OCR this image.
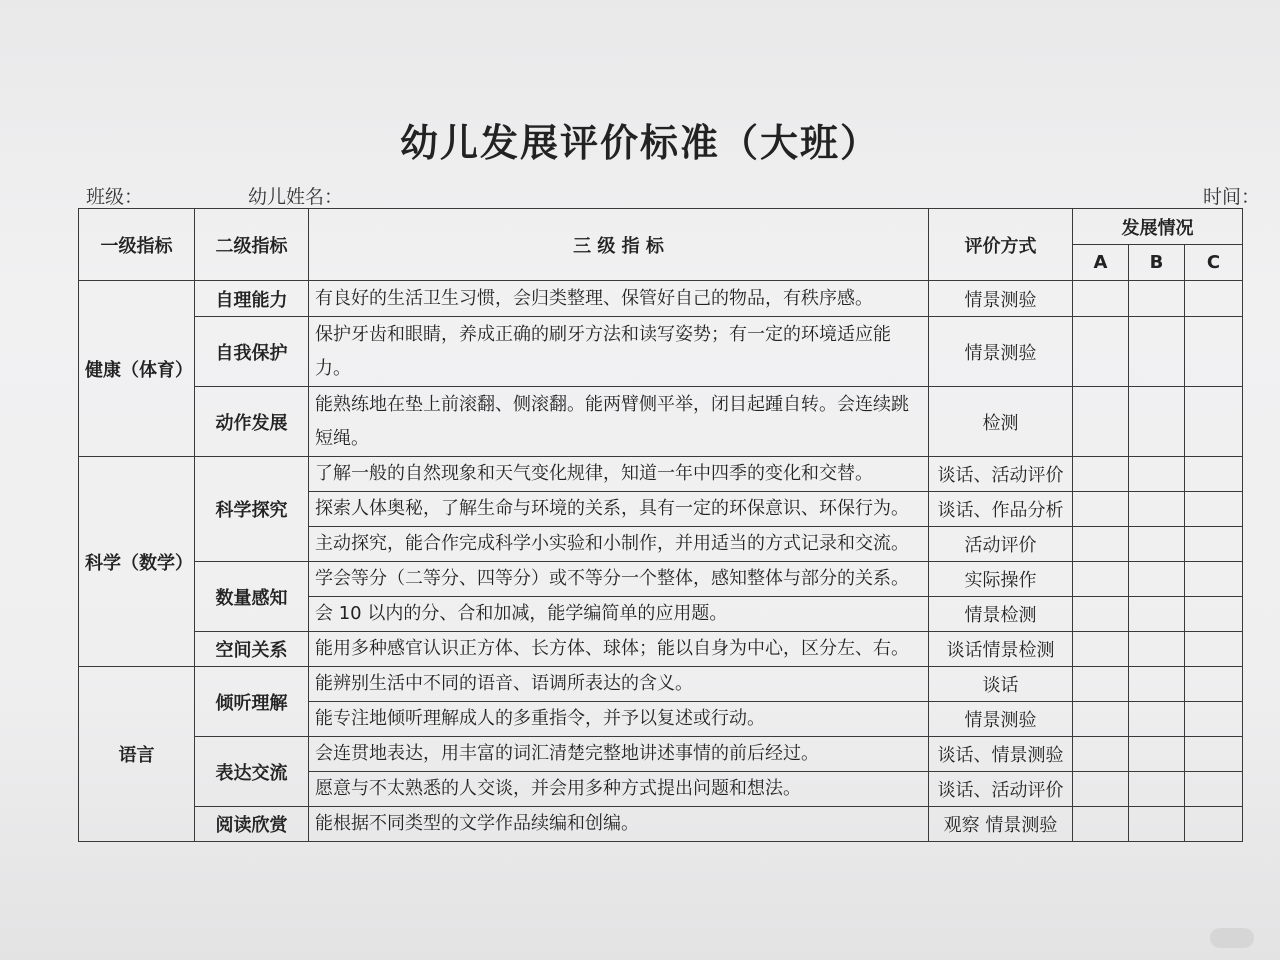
幼儿发展评价标准（大班）
班级：	幼儿姓名：	时间：
一级指标	二级指标	三 级 指 标	评价方式	发展情况		
				A	B	C
健康（体育）	自理能力	有良好的生活卫生习惯，会归类整理、保管好自己的物品，有秩序感。	情景测验			
	自我保护	保护牙齿和眼睛，养成正确的刷牙方法和读写姿势；有一定的环境适应能力。	情景测验			
	动作发展	能熟练地在垫上前滚翻、侧滚翻。能两臂侧平举，闭目起踵自转。会连续跳短绳。	检测			
科学（数学）	科学探究	了解一般的自然现象和天气变化规律，知道一年中四季的变化和交替。	谈话、活动评价			
		探索人体奥秘，了解生命与环境的关系，具有一定的环保意识、环保行为。	谈话、作品分析			
		主动探究，能合作完成科学小实验和小制作，并用适当的方式记录和交流。	活动评价			
	数量感知	学会等分（二等分、四等分）或不等分一个整体，感知整体与部分的关系。	实际操作			
		会 10 以内的分、合和加减，能学编简单的应用题。	情景检测			
	空间关系	能用多种感官认识正方体、长方体、球体；能以自身为中心，区分左、右。	谈话情景检测			
语言	倾听理解	能辨别生活中不同的语音、语调所表达的含义。	谈话			
		能专注地倾听理解成人的多重指令，并予以复述或行动。	情景测验			
	表达交流	会连贯地表达，用丰富的词汇清楚完整地讲述事情的前后经过。	谈话、情景测验			
		愿意与不太熟悉的人交谈，并会用多种方式提出问题和想法。	谈话、活动评价			
	阅读欣赏	能根据不同类型的文学作品续编和创编。	观察 情景测验			
